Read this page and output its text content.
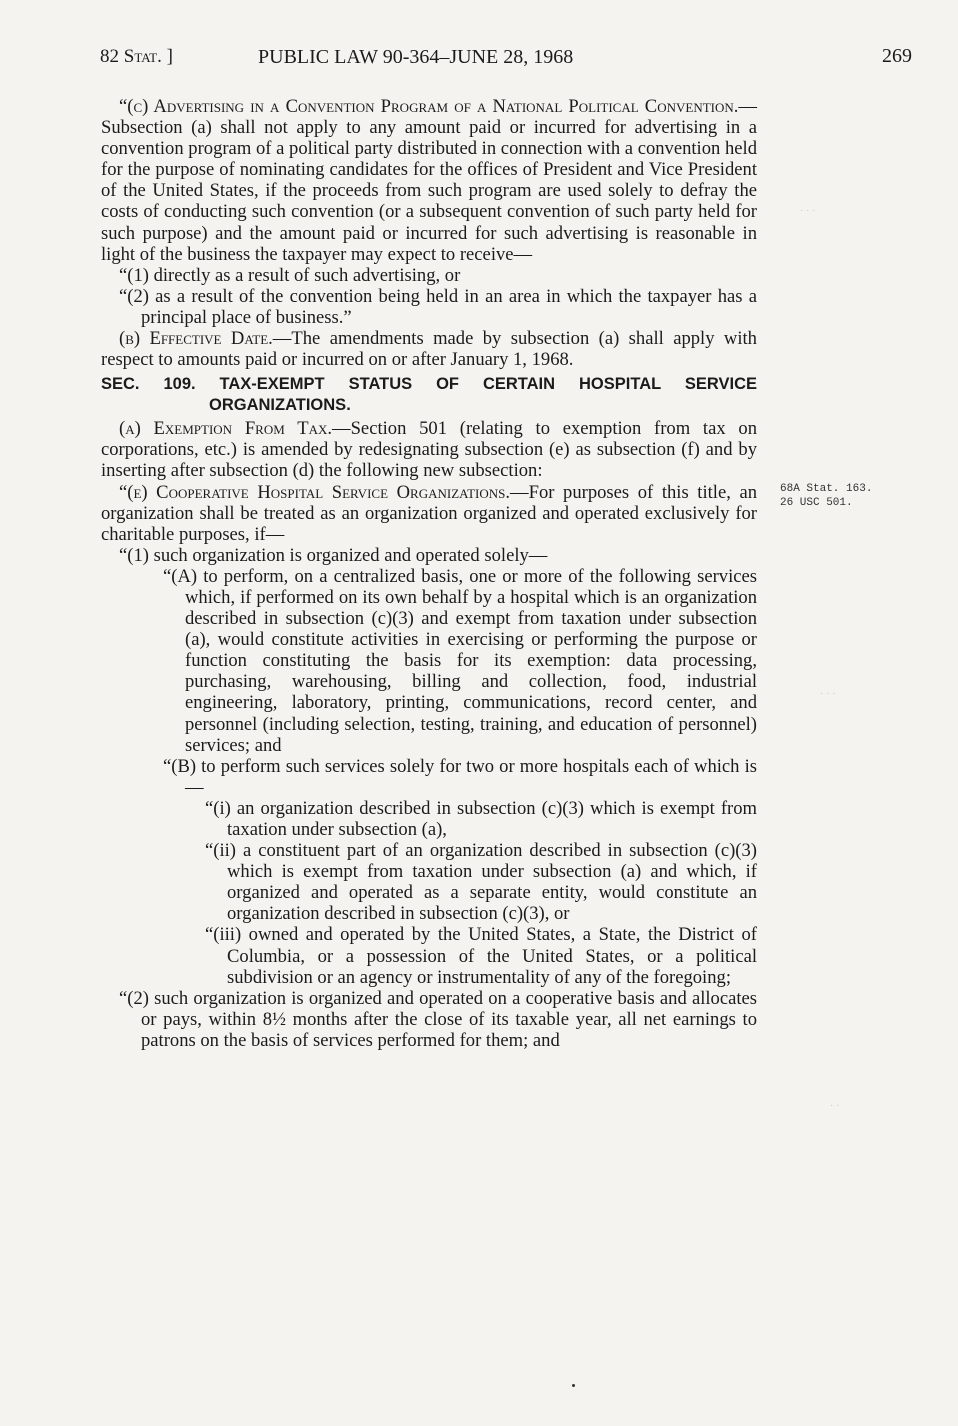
82 Stat. ]	PUBLIC LAW 90-364–JUNE 28, 1968	269
· · ·
· · ·
· ·
68A Stat. 163.
26 USC 501.

“(c) Advertising in a Convention Program of a National Political Convention.—Subsection (a) shall not apply to any amount paid or incurred for advertising in a convention program of a political party distributed in connection with a convention held for the purpose of nominating candidates for the offices of President and Vice President of the United States, if the proceeds from such program are used solely to defray the costs of conducting such convention (or a subsequent convention of such party held for such purpose) and the amount paid or incurred for such advertising is reasonable in light of the business the taxpayer may expect to receive—

“(1) directly as a result of such advertising, or

“(2) as a result of the convention being held in an area in which the taxpayer has a principal place of business.”

(b) Effective Date.—The amendments made by subsection (a) shall apply with respect to amounts paid or incurred on or after January 1, 1968.

SEC. 109. TAX-EXEMPT STATUS OF CERTAIN HOSPITAL SERVICE ORGANIZATIONS.

(a) Exemption From Tax.—Section 501 (relating to exemption from tax on corporations, etc.) is amended by redesignating subsection (e) as subsection (f) and by inserting after subsection (d) the following new subsection:

“(e) Cooperative Hospital Service Organizations.—For purposes of this title, an organization shall be treated as an organization organized and operated exclusively for charitable purposes, if—

“(1) such organization is organized and operated solely—

“(A) to perform, on a centralized basis, one or more of the following services which, if performed on its own behalf by a hospital which is an organization described in subsection (c)(3) and exempt from taxation under subsection (a), would constitute activities in exercising or performing the purpose or function constituting the basis for its exemption: data processing, purchasing, warehousing, billing and collection, food, industrial engineering, laboratory, printing, communications, record center, and personnel (including selection, testing, training, and education of personnel) services; and

“(B) to perform such services solely for two or more hospitals each of which is—

“(i) an organization described in subsection (c)(3) which is exempt from taxation under subsection (a),

“(ii) a constituent part of an organization described in subsection (c)(3) which is exempt from taxation under subsection (a) and which, if organized and operated as a separate entity, would constitute an organization described in subsection (c)(3), or

“(iii) owned and operated by the United States, a State, the District of Columbia, or a possession of the United States, or a political subdivision or an agency or instrumentality of any of the foregoing;

“(2) such organization is organized and operated on a cooperative basis and allocates or pays, within 8½ months after the close of its taxable year, all net earnings to patrons on the basis of services performed for them; and
